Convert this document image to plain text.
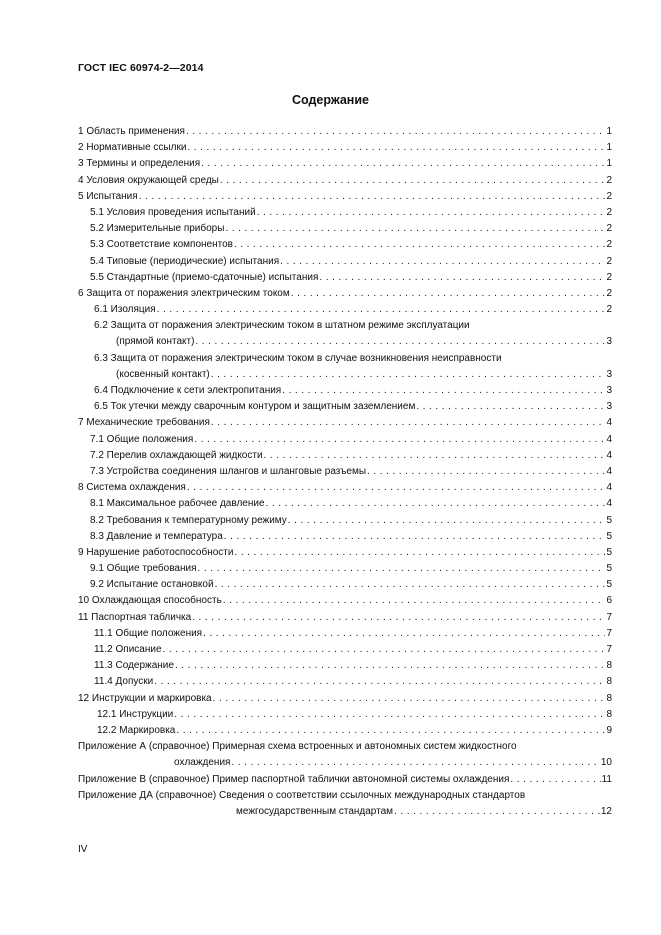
ГОСТ IEC 60974-2—2014
Содержание
1 Область применения . . .	1
2 Нормативные ссылки . . .	1
3 Термины и определения . . .	1
4 Условия окружающей среды . . .	2
5 Испытания . . .	2
5.1 Условия проведения испытаний . . .	2
5.2 Измерительные приборы . . .	2
5.3 Соответствие компонентов . . .	2
5.4 Типовые (периодические) испытания . . .	2
5.5 Стандартные (приемо-сдаточные) испытания . . .	2
6 Защита от поражения электрическим током . . .	2
6.1 Изоляция . . .	2
6.2 Защита от поражения электрическим током в штатном режиме эксплуатации
(прямой контакт) . . .	3
6.3 Защита от поражения электрическим током в случае возникновения неисправности
(косвенный контакт) . . .	3
6.4 Подключение к сети электропитания . . .	3
6.5 Ток утечки между сварочным контуром и защитным заземлением . . .	3
7 Механические требования . . .	4
7.1 Общие положения . . .	4
7.2 Перелив охлаждающей жидкости . . .	4
7.3 Устройства соединения шлангов и шланговые разъемы . . .	4
8 Система охлаждения . . .	4
8.1 Максимальное рабочее давление . . .	4
8.2 Требования к температурному режиму . . .	5
8.3 Давление и температура . . .	5
9 Нарушение работоспособности . . .	5
9.1 Общие требования . . .	5
9.2 Испытание остановкой . . .	5
10 Охлаждающая способность . . .	6
11 Паспортная табличка . . .	7
11.1 Общие положения . . .	7
11.2 Описание . . .	7
11.3 Содержание . . .	8
11.4 Допуски . . .	8
12 Инструкции и маркировка . . .	8
12.1 Инструкции . . .	8
12.2 Маркировка . . .	9
Приложение А (справочное) Примерная схема встроенных и автономных систем жидкостного
охлаждения . . .	10
Приложение В (справочное) Пример паспортной таблички автономной системы охлаждения . . .	11
Приложение ДА (справочное) Сведения о соответствии ссылочных международных стандартов
межгосударственным стандартам . . .	12
IV
